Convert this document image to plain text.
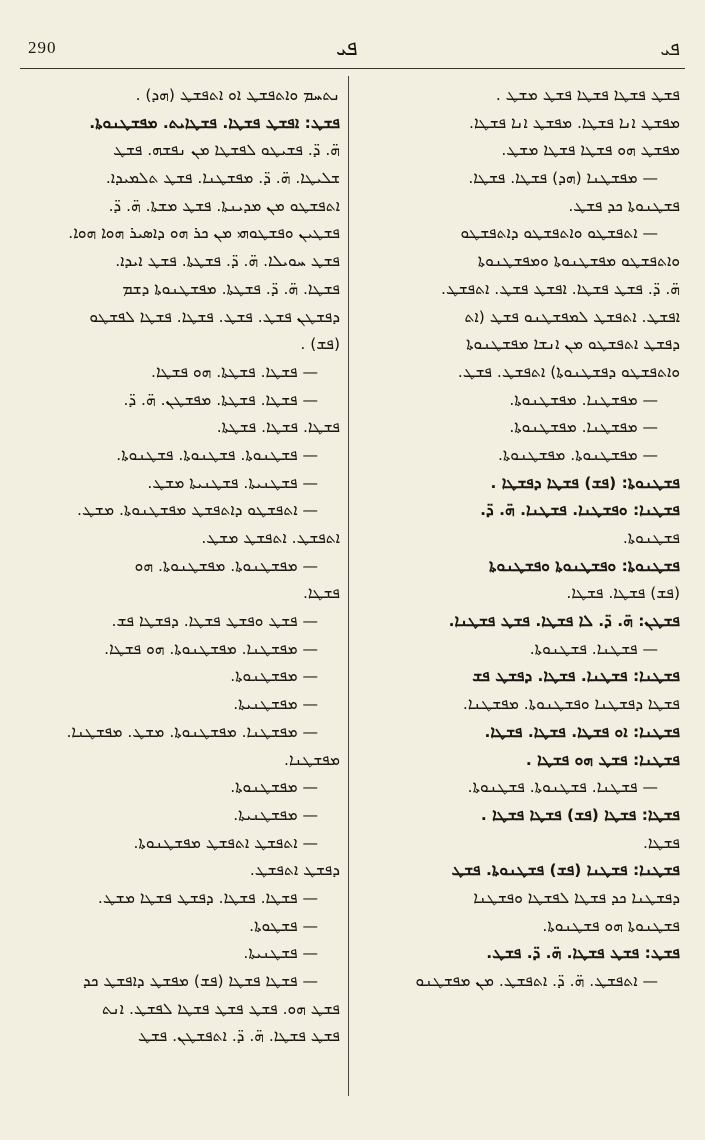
290	ܦܝ	ܦܝ
ܢܬܚܡ ܘܐܬܦܫܛ ܐܘ ܐܬܦܫܛ (ܗܕ) .
ܦܫܛ: ܐܦܫܛ ܦܫܛܐ. ܦܫܛܐܝܬ. ܡܦܫܛܢܘܬܐ.
ܗ̈. ܕ̈. ܦܫܝܛܘ ܠܦܫܛܐ ܡܢ ܢܦܫܗ. ܦܫܛ
ܫܠܝܛܐ. ܗ̈. ܕ̈. ܡܦܫܛܢܐ. ܦܫܛ ܬܠܡܝܕܐ.
ܐܬܦܫܛܘ ܡܢ ܡܕܝܢܬܐ. ܦܫܛ ܡܫܬܐ. ܗ̈. ܕ̈.
ܦܫܛܝܢ ܘܦܫܛܘܗܝ ܡܢ ܟܪ ܗܘ ܕܐܣܝܪ ܗܘܐ ܗܘܐ.
ܦܫܛ ܚܘܝܠܐ. ܗ̈. ܕ̈. ܦܫܛܬܐ. ܦܫܛ ܐܝܕܐ.
ܦܫܛܐ. ܗ̈. ܕ̈. ܦܫܛܬܐ. ܡܦܫܛܢܘܬܐ ܕܫܡ
ܕܦܫܛܢ ܦܫܛ. ܦܫܛ. ܦܫܛܐ. ܦܫܛܐ ܠܦܫܛܘ
(ܦܫ) .
— ܦܫܛܐ. ܦܫܛܬܐ. ܗܘ ܦܫܛܐ.
— ܦܫܛܐ. ܦܫܛܬܐ. ܡܦܫܛܢ. ܗ̈. ܕ̈.
ܦܫܛܐ. ܦܫܛܐ. ܦܫܛܬܐ.
— ܦܫܛܢܘܬܐ. ܦܫܛܢܘܬܐ. ܦܫܛܢܘܬܐ.
— ܦܫܛܢܝܬܐ. ܦܫܛܢܝܬܐ ܡܫܛ.
— ܐܬܦܫܛܘ ܕܐܬܦܫܛ ܡܦܫܛܢܘܬܐ. ܡܫܛ.
ܐܬܦܫܛ. ܐܬܦܫܛ ܡܫܛ.
— ܡܦܫܛܢܘܬܐ. ܡܦܫܛܢܘܬܐ. ܗܘ
ܦܫܛܐ.
— ܦܫܛ ܘܦܫܛ ܦܫܛܐ. ܕܦܫܛܐ ܦܫ.
— ܡܦܫܛܢܐ. ܡܦܫܛܢܘܬܐ. ܗܘ ܦܫܛܐ.
— ܡܦܫܛܢܘܬܐ.
— ܡܦܫܛܢܝܬܐ.
— ܡܦܫܛܢܐ. ܡܦܫܛܢܘܬܐ. ܡܫܛ. ܡܦܫܛܢܐ.
ܡܦܫܛܢܐ.
— ܡܦܫܛܢܘܬܐ.
— ܡܦܫܛܢܝܬܐ.
— ܐܬܦܫܛ ܐܬܦܫܛ ܡܦܫܛܢܘܬܐ.
ܕܦܫܛ ܐܬܦܫܛ.
— ܦܫܛܐ. ܦܫܛܐ. ܕܦܫܛ ܦܫܛܐ ܡܫܛ.
— ܦܫܛܘܬܐ.
— ܦܫܛܢܝܬܐ.
— ܦܫܛܐ ܦܫܛܐ (ܦܫ) ܡܦܫܛ ܕܐܦܫܛ ܟܕ
ܦܫܛ ܗܘ. ܦܫܛ ܦܫܛ ܦܫܛܐ ܠܦܫܛ. ܐܢܬ
ܦܫܛ ܦܫܛܐ. ܗ̈. ܕ̈. ܐܬܦܫܛܢ. ܦܫܛ
ܦܫܛ ܦܫܛܐ ܦܫܛܐ ܦܫܛ ܡܫܛ .
ܡܦܫܛ ܐܢܐ ܦܫܛܐ. ܡܦܫܛ ܐܢܐ ܦܫܛܐ.
ܡܦܫܛ ܗܘ ܦܫܛܐ ܦܫܛܐ ܡܫܛ.
— ܡܦܫܛܢܐ (ܗܕ) ܦܫܛܐ. ܦܫܛܐ.
ܦܫܛܢܘܬܐ ܟܕ ܦܫܛ.
— ܐܬܦܫܛܘ ܘܐܬܦܫܛܘ ܕܐܬܦܫܛܘ
ܘܐܬܦܫܛܘ ܡܦܫܛܢܘܬܐ ܘܡܦܫܛܢܘܬܐ
ܗ̈. ܕ̈. ܦܫܛ ܦܫܛܐ. ܐܦܫܛ ܦܫܛ. ܐܬܦܫܛ.
ܐܦܫܛ. ܐܬܦܫܛ ܠܡܦܫܛܢܘ ܦܫܛ (ܐܬ
ܕܦܫܛ ܐܬܦܫܛܘ ܡܢ ܐܢܫܐ ܡܦܫܛܢܘܬܐ
ܘܐܬܦܫܛܘ ܕܦܫܛܢܘܬܐ) ܐܬܦܫܛ. ܦܫܛ.
— ܡܦܫܛܢܐ. ܡܦܫܛܢܘܬܐ.
— ܡܦܫܛܢܐ. ܡܦܫܛܢܘܬܐ.
— ܡܦܫܛܢܘܬܐ. ܡܦܫܛܢܘܬܐ.
ܦܫܛܢܘܬܐ: (ܦܫ) ܦܫܛܐ ܕܦܫܛܐ .
ܦܫܛܢܐ: ܘܦܫܛܢܐ. ܦܫܛܢܐ. ܗ̈. ܕ̈.
ܦܫܛܢܘܬܐ.
ܦܫܛܢܘܬܐ: ܘܦܫܛܢܘܬܐ ܘܦܫܛܢܘܬܐ
(ܦܫ) ܦܫܛܐ. ܦܫܛܐ.
ܦܫܛܢ: ܗ̈. ܕ̈. ܠܐ ܦܫܛܐ. ܦܫܛ ܦܫܛܢܐ.
— ܦܫܛܢܐ. ܦܫܛܢܘܬܐ.
ܦܫܛܢܐ: ܦܫܛܢܐ. ܦܫܛܐ. ܕܦܫܛ ܦܫ
ܦܫܛܐ ܕܦܫܛܢܐ ܘܦܫܛܢܘܬܐ. ܡܦܫܛܢܐ.
ܦܫܛܢܐ: ܐܘ ܦܫܛܐ. ܦܫܛܐ. ܦܫܛܐ.
ܦܫܛܢܐ: ܦܫܛ ܗܘ ܦܫܛܐ .
— ܦܫܛܢܐ. ܦܫܛܢܘܬܐ. ܦܫܛܢܘܬܐ.
ܦܫܛܐ: ܦܫܛܐ (ܦܫ) ܦܫܛܐ ܦܫܛܐ .
ܦܫܛܐ.
ܦܫܛܢܐ: ܦܫܛܢܐ (ܦܫ) ܦܫܛܢܘܬܐ. ܦܫܛ
ܕܦܫܛܢܐ ܟܕ ܦܫܛܐ ܠܦܫܛܐ ܘܦܫܛܢܐ
ܦܫܛܢܘܬܐ ܗܘ ܦܫܛܢܘܬܐ.
ܦܫܛ: ܦܫܛ ܦܫܛܐ. ܗ̈. ܕ̈. ܦܫܛ.
— ܐܬܦܫܛ. ܗ̈. ܕ̈. ܐܬܦܫܛ. ܡܢ ܡܦܫܛܢܘ
